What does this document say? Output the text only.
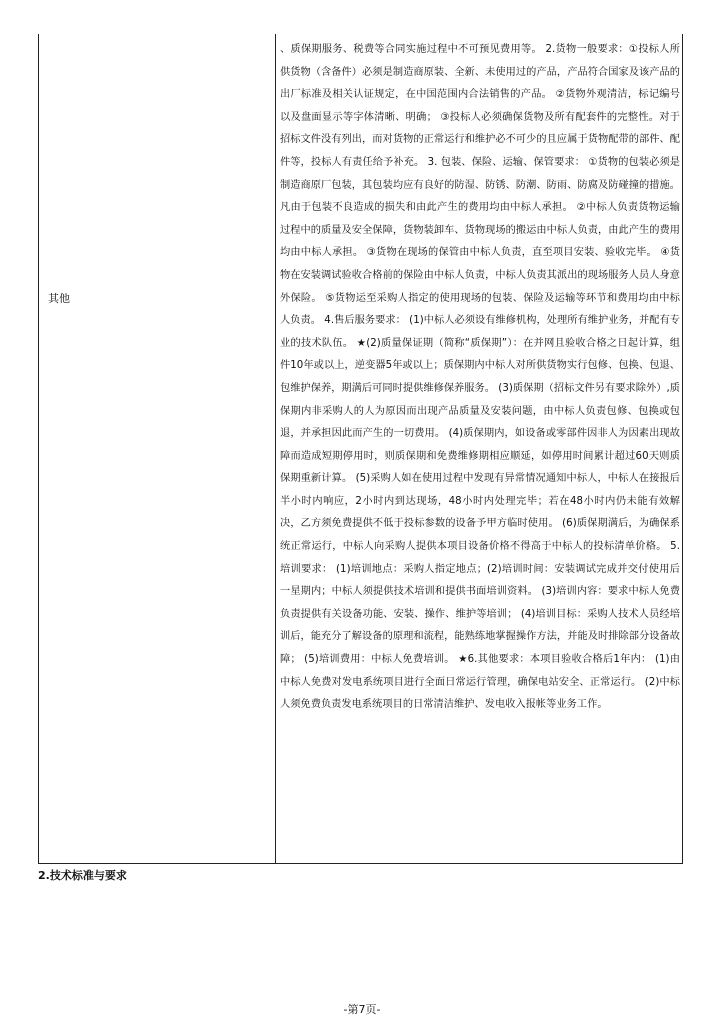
其他

、质保期服务、税费等合同实施过程中不可预见费用等。 2.货物一般要求：①投标人所供货物（含备件）必须是制造商原装、全新、未使用过的产品，产品符合国家及该产品的出厂标准及相关认证规定，在中国范围内合法销售的产品。 ②货物外观清洁，标记编号以及盘面显示等字体清晰、明确； ③投标人必须确保货物及所有配套件的完整性。对于招标文件没有列出，而对货物的正常运行和维护必不可少的且应属于货物配带的部件、配件等，投标人有责任给予补充。 3. 包装、保险、运输、保管要求： ①货物的包装必须是制造商原厂包装，其包装均应有良好的防湿、防锈、防潮、防雨、防腐及防碰撞的措施。凡由于包装不良造成的损失和由此产生的费用均由中标人承担。 ②中标人负责货物运输过程中的质量及安全保障，货物装卸车、货物现场的搬运由中标人负责，由此产生的费用均由中标人承担。 ③货物在现场的保管由中标人负责，直至项目安装、验收完毕。 ④货物在安装调试验收合格前的保险由中标人负责，中标人负责其派出的现场服务人员人身意外保险。 ⑤货物运至采购人指定的使用现场的包装、保险及运输等环节和费用均由中标人负责。 4.售后服务要求： (1)中标人必须设有维修机构，处理所有维护业务，并配有专业的技术队伍。 ★(2)质量保证期（简称“质保期”）：在并网且验收合格之日起计算，组件10年或以上，逆变器5年或以上；质保期内中标人对所供货物实行包修、包换、包退、包维护保养，期满后可同时提供维修保养服务。 (3)质保期（招标文件另有要求除外）,质保期内非采购人的人为原因而出现产品质量及安装问题，由中标人负责包修、包换或包退，并承担因此而产生的一切费用。 (4)质保期内，如设备或零部件因非人为因素出现故障而造成短期停用时，则质保期和免费维修期相应顺延，如停用时间累计超过60天则质保期重新计算。 (5)采购人如在使用过程中发现有异常情况通知中标人，中标人在接报后半小时内响应，2小时内到达现场，48小时内处理完毕；若在48小时内仍未能有效解决，乙方须免费提供不低于投标参数的设备予甲方临时使用。 (6)质保期满后，为确保系统正常运行，中标人向采购人提供本项目设备价格不得高于中标人的投标清单价格。 5.培训要求： (1)培训地点：采购人指定地点；(2)培训时间：安装调试完成并交付使用后一星期内；中标人须提供技术培训和提供书面培训资料。 (3)培训内容：要求中标人免费负责提供有关设备功能、安装、操作、维护等培训； (4)培训目标：采购人技术人员经培训后，能充分了解设备的原理和流程，能熟练地掌握操作方法，并能及时排除部分设备故障； (5)培训费用：中标人免费培训。 ★6.其他要求：本项目验收合格后1年内： (1)由中标人免费对发电系统项目进行全面日常运行管理，确保电站安全、正常运行。 (2)中标人须免费负责发电系统项目的日常清洁维护、发电收入报帐等业务工作。

2.技术标准与要求
-第7页-
